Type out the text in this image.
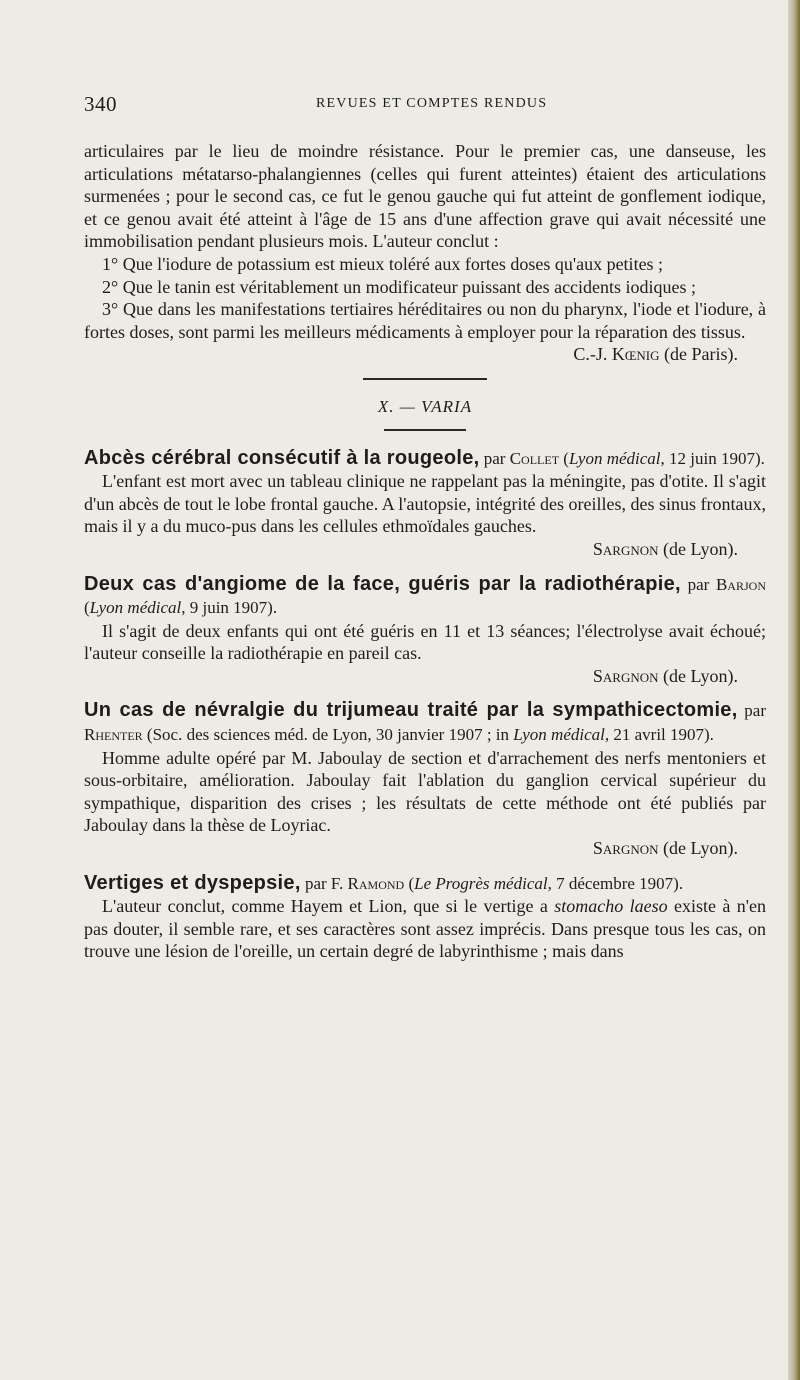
340	REVUES ET COMPTES RENDUS

articulaires par le lieu de moindre résistance. Pour le premier cas, une danseuse, les articulations métatarso-phalangiennes (celles qui furent atteintes) étaient des articulations surmenées ; pour le second cas, ce fut le genou gauche qui fut atteint de gonflement iodique, et ce genou avait été atteint à l'âge de 15 ans d'une affection grave qui avait nécessité une immobilisation pendant plusieurs mois. L'auteur conclut :

1° Que l'iodure de potassium est mieux toléré aux fortes doses qu'aux petites ;

2° Que le tanin est véritablement un modificateur puissant des accidents iodiques ;

3° Que dans les manifestations tertiaires héréditaires ou non du pharynx, l'iode et l'iodure, à fortes doses, sont parmi les meilleurs médicaments à employer pour la réparation des tissus.

C.-J. Kœnig (de Paris).

X. — VARIA

Abcès cérébral consécutif à la rougeole, par Collet (Lyon médical, 12 juin 1907).

L'enfant est mort avec un tableau clinique ne rappelant pas la méningite, pas d'otite. Il s'agit d'un abcès de tout le lobe frontal gauche. A l'autopsie, intégrité des oreilles, des sinus frontaux, mais il y a du muco-pus dans les cellules ethmoïdales gauches.

Sargnon (de Lyon).

Deux cas d'angiome de la face, guéris par la radiothérapie, par Barjon (Lyon médical, 9 juin 1907).

Il s'agit de deux enfants qui ont été guéris en 11 et 13 séances; l'électrolyse avait échoué; l'auteur conseille la radiothérapie en pareil cas.

Sargnon (de Lyon).

Un cas de névralgie du trijumeau traité par la sympathicectomie, par Rhenter (Soc. des sciences méd. de Lyon, 30 janvier 1907 ; in Lyon médical, 21 avril 1907).

Homme adulte opéré par M. Jaboulay de section et d'arrachement des nerfs mentoniers et sous-orbitaire, amélioration. Jaboulay fait l'ablation du ganglion cervical supérieur du sympathique, disparition des crises ; les résultats de cette méthode ont été publiés par Jaboulay dans la thèse de Loyriac.

Sargnon (de Lyon).

Vertiges et dyspepsie, par F. Ramond (Le Progrès médical, 7 décembre 1907).

L'auteur conclut, comme Hayem et Lion, que si le vertige a stomacho laeso existe à n'en pas douter, il semble rare, et ses caractères sont assez imprécis. Dans presque tous les cas, on trouve une lésion de l'oreille, un certain degré de labyrinthisme ; mais dans
